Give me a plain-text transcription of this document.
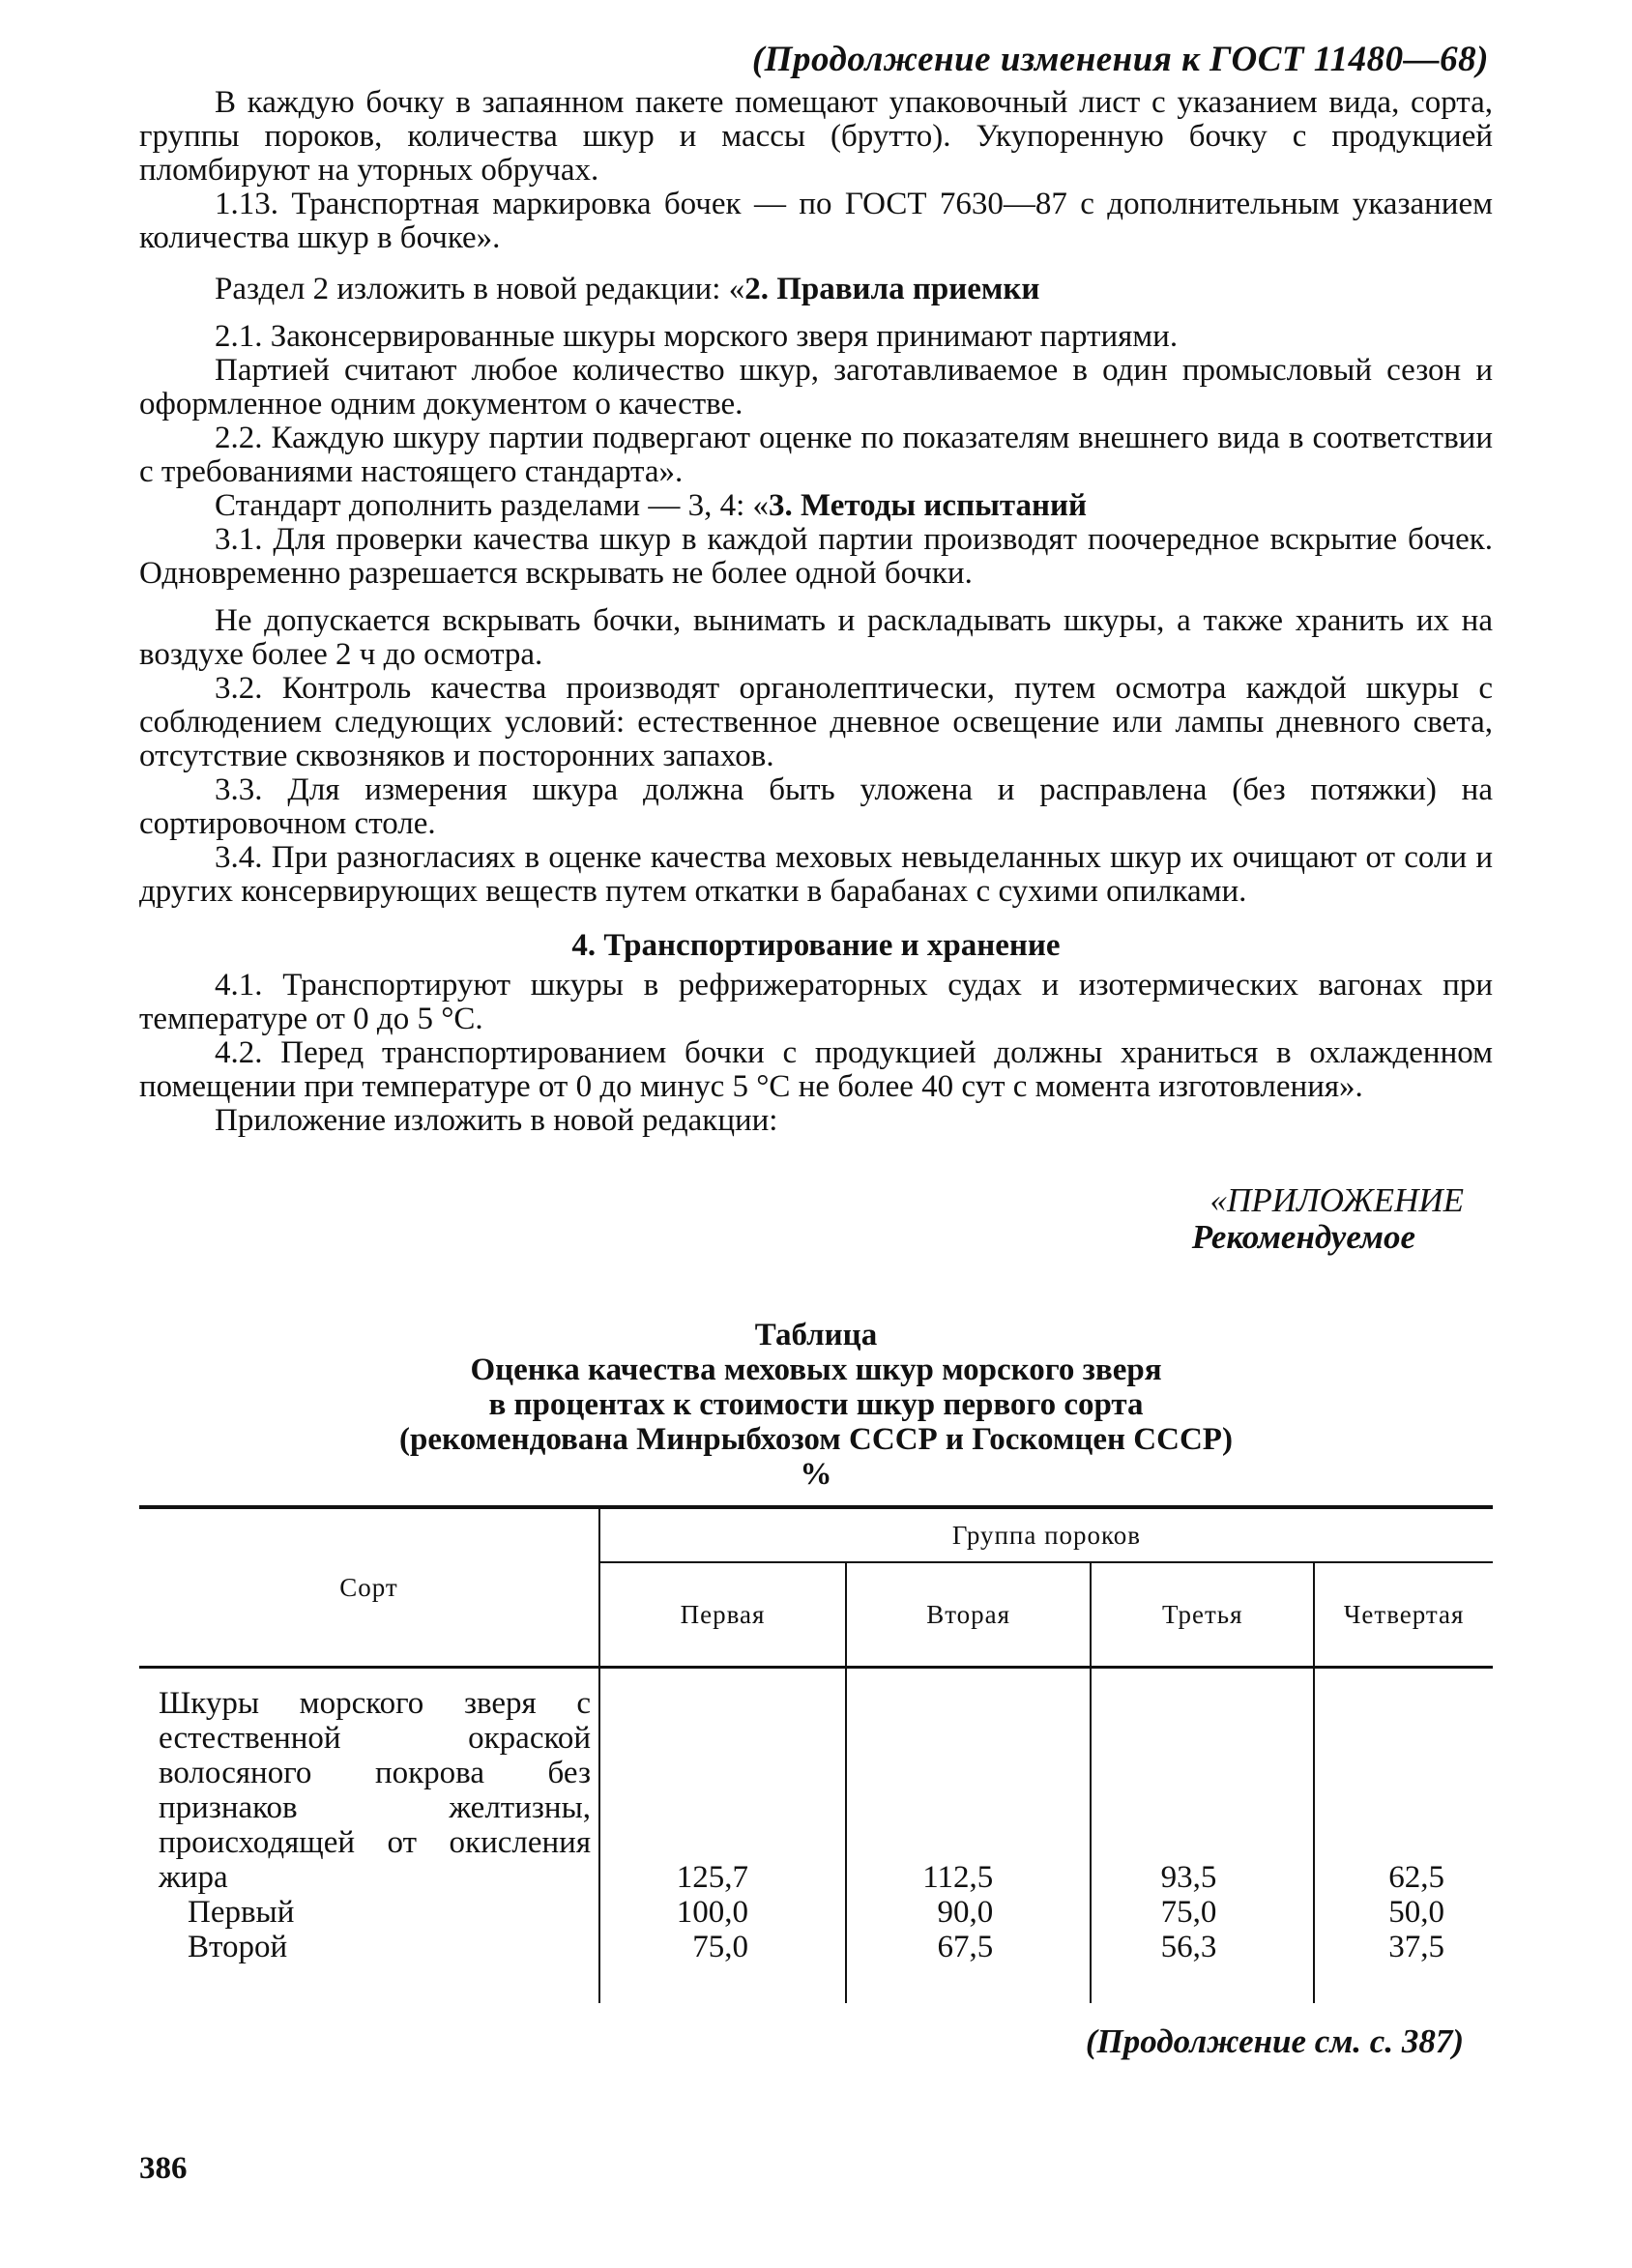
(Продолжение изменения к ГОСТ 11480—68)

В каждую бочку в запаянном пакете помещают упаковочный лист с указанием вида, сорта, группы пороков, количества шкур и массы (брутто). Укупоренную бочку с продукцией пломбируют на уторных обручах.

1.13. Транспортная маркировка бочек — по ГОСТ 7630—87 с дополнительным указанием количества шкур в бочке».

Раздел 2 изложить в новой редакции: «2. Правила приемки

2.1. Законсервированные шкуры морского зверя принимают партиями.

Партией считают любое количество шкур, заготавливаемое в один промысловый сезон и оформленное одним документом о качестве.

2.2. Каждую шкуру партии подвергают оценке по показателям внешнего вида в соответствии с требованиями настоящего стандарта».

Стандарт дополнить разделами — 3, 4: «3. Методы испытаний

3.1. Для проверки качества шкур в каждой партии производят поочередное вскрытие бочек. Одновременно разрешается вскрывать не более одной бочки.

Не допускается вскрывать бочки, вынимать и раскладывать шкуры, а также хранить их на воздухе более 2 ч до осмотра.

3.2. Контроль качества производят органолептически, путем осмотра каждой шкуры с соблюдением следующих условий: естественное дневное освещение или лампы дневного света, отсутствие сквозняков и посторонних запахов.

3.3. Для измерения шкура должна быть уложена и расправлена (без потяжки) на сортировочном столе.

3.4. При разногласиях в оценке качества меховых невыделанных шкур их очищают от соли и других консервирующих веществ путем откатки в барабанах с сухими опилками.

4. Транспортирование и хранение

4.1. Транспортируют шкуры в рефрижераторных судах и изотермических вагонах при температуре от 0 до 5 °С.

4.2. Перед транспортированием бочки с продукцией должны храниться в охлажденном помещении при температуре от 0 до минус 5 °С не более 40 сут с момента изготовления».

Приложение изложить в новой редакции:

«ПРИЛОЖЕНИЕ
Рекомендуемое
Таблица
Оценка качества меховых шкур морского зверя
в процентах к стоимости шкур первого сорта
(рекомендована Минрыбхозом СССР и Госкомцен СССР)
%
Сорт	Группа пороков			
	Первая	Вторая	Третья	Четвертая

Шкуры морского зверя с естественной окраской волосяного покрова без признаков желтизны, происходящей от окисления жира	125,7	112,5	93,5	62,5

Первый	100,0	90,0	75,0	50,0

Второй	75,0	67,5	56,3	37,5
(Продолжение см. с. 387)
386
